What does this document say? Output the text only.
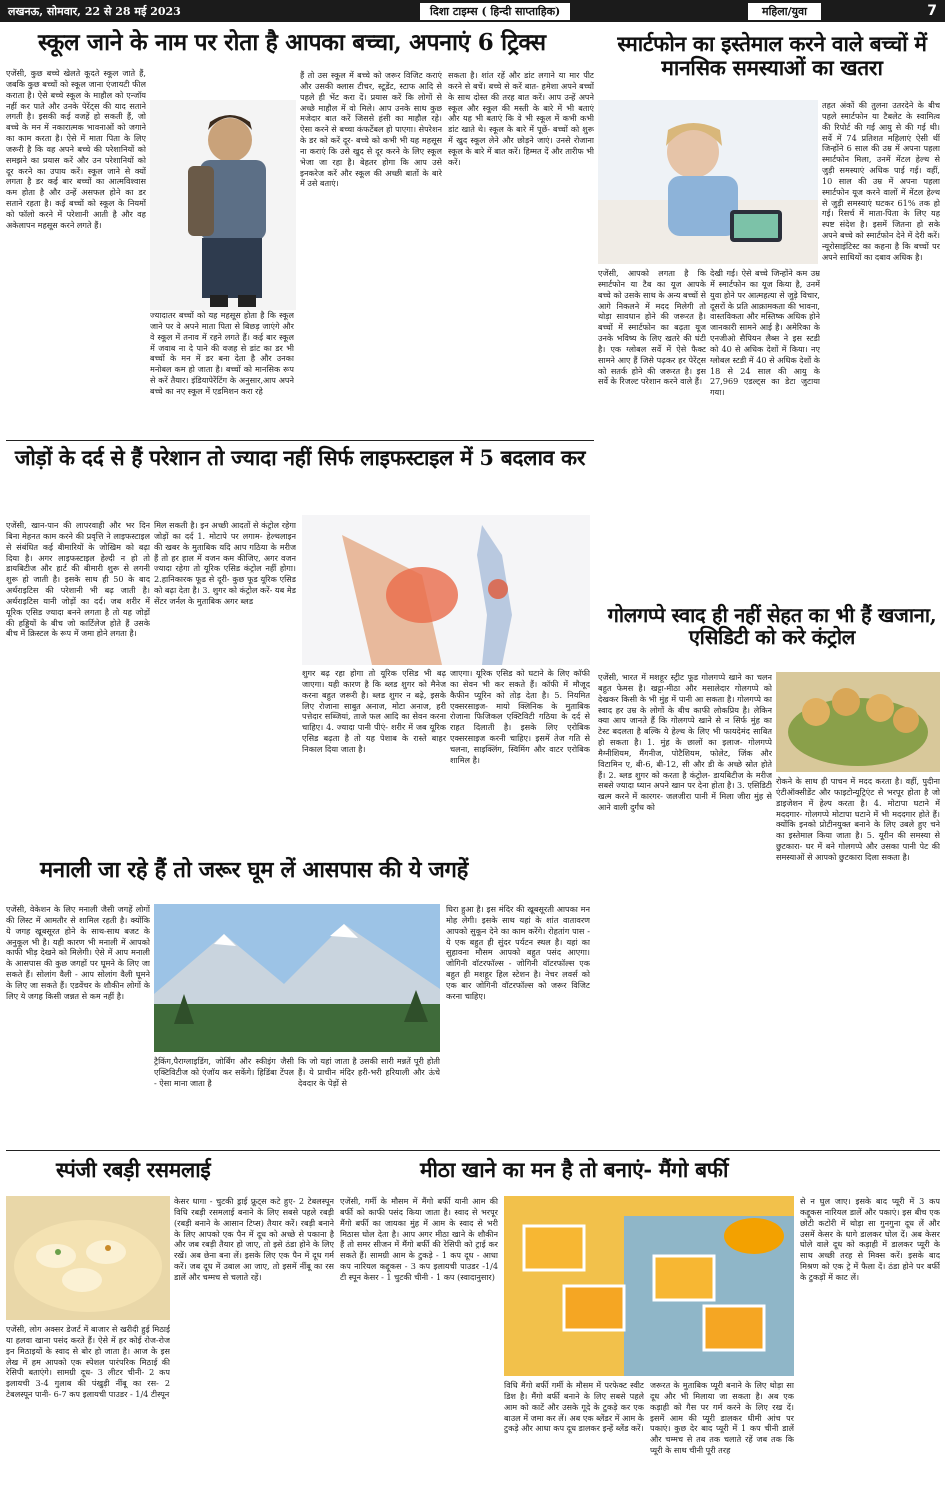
लखनऊ, सोमवार, 22 से 28 मई 2023	दिशा टाइम्स ( हिन्दी साप्ताहिक)	महिला/युवा	7
स्कूल जाने के नाम पर रोता है आपका बच्चा, अपनाएं 6 ट्रिक्स
एजेंसी, कुछ बच्चे खेलते कूदते स्कूल जाते हैं, जबकि कुछ बच्चों को स्कूल जाना एंजायटी फील कराता है। ऐसे बच्चे स्कूल के माहौल को एन्जॉय नहीं कर पाते और उनके पेरेंट्स की याद सताने लगती है। इसकी कई वजहें हो सकती हैं, जो बच्चे के मन में नकारात्मक भावनाओं को जगाने का काम करता है। ऐसे में माता पिता के लिए जरूरी है कि वह अपने बच्चे की परेशानियों को समझने का प्रयास करें और उन परेशानियों को दूर करने का उपाय करें। स्कूल जाने से क्यों लगता है डर कई बार बच्चों का आत्मविश्वास कम होता है और उन्हें असफल होने का डर सताने रहता है। कई बच्चों को स्कूल के नियमों को फॉलो करने में परेशानी आती है और वह अकेलापन महसूस करने लगते हैं।
ज्यादातर बच्चों को यह महसूस होता है कि स्कूल जाने पर वे अपने माता पिता से बिछड़ जाएंगे और वे स्कूल में तनाव में रहने लगते हैं। कई बार स्कूल में जवाब ना दे पाने की वजह से डांट का डर भी बच्चों के मन में डर बना देता है और उनका मनोबल कम हो जाता है। बच्चों को मानसिक रूप से करें तैयार। इंडियापेरेंटिंग के अनुसार,आप अपने बच्चे का नए स्कूल में एडमिशन करा रहे
हैं तो उस स्कूल में बच्चे को जरूर विजिट कराएं और उसकी क्लास टीचर, स्टूडेंट, स्टाफ आदि से पहले ही भेंट करा दें। प्रयास करें कि लोगों से अच्छे माहौल में वो मिले। आप उनके साथ कुछ मजेदार बात करें जिससे हंसी का माहौल रहे। ऐसा करने से बच्चा कंफर्टेबल हो पाएगा। सेपरेशन के डर को करें दूर- बच्चे को कभी भी यह महसूस ना कराएं कि उसे खुद से दूर करने के लिए स्कूल भेजा जा रहा है। बेहतर होगा कि आप उसे इनकरेज करें और स्कूल की अच्छी बातों के बारे में उसे बताएं।
सकता है। शांत रहें और डांट लगाने या मार पीट करने से बचें। बच्चे से करें बात- हमेशा अपने बच्चों के साथ दोस्त की तरह बात करें। आप उन्हें अपने स्कूल और स्कूल की मस्ती के बारे में भी बताएं और यह भी बताएं कि वे भी स्कूल में कभी कभी डांट खाते थे। स्कूल के बारे में पूछें- बच्चों को शुरू में खुद स्कूल लेने और छोड़ने जाएं। उनसे रोजाना स्कूल के बारे में बात करें। हिम्मत दें और तारीफ भी करें।
स्मार्टफोन का इस्तेमाल करने वाले बच्चों में मानसिक समस्याओं का खतरा
तहत अंकों की तुलना उतरदेने के बीच पहले स्मार्टफोन या टैबलेट के स्वामित्व की रिपोर्ट की गई आयु से की गई थी। सर्वे में 74 प्रतिशत महिलाएं ऐसी थीं जिन्होंने 6 साल की उम्र में अपना पहला स्मार्टफोन मिला, उनमें मेंटल हेल्थ से जुड़ी समस्याएं अधिक पाई गई। वहीं, 10 साल की उम्र में अपना पहला स्मार्टफोन यूज करने वालों में मेंटल हेल्थ से जुड़ी समस्याएं घटकर 61% तक हो गई। रिसर्च में माता-पिता के लिए यह स्पष्ट संदेश है। इसमें जितना हो सके अपने बच्चे को स्मार्टफोन देने में देरी करें। न्यूरोसाइंटिस्ट का कहना है कि बच्चों पर अपने साथियों का दबाव अधिक है।
एजेंसी, आपको लगता है कि स्मार्टफोन या टैब का यूज आपके बच्चे को उसके साथ के अन्य बच्चों से आगे निकलने में मदद मिलेगी तो थोड़ा सावधान होने की जरूरत है। बच्चों में स्मार्टफोन का बढ़ता यूज उनके भविष्य के लिए खतरे की घंटी है। एक ग्लोबल सर्वे में ऐसे फैक्ट सामने आए हैं जिसे पढ़कर हर पेरेंट्स को सतर्क होने की जरूरत है। इस सर्वे के रिजल्ट परेशान करने वाले हैं।
देखी गई। ऐसे बच्चे जिन्होंने कम उम्र में स्मार्टफोन का यूज किया है, उनमें युवा होने पर आत्महत्या से जुड़े विचार, दूसरों के प्रति आक्रामकता की भावना, वास्तविकता और मस्तिष्क अधिक होने जानकारी सामने आई है। अमेरिका के एनजीओ सैपियन लैब्स ने इस स्टडी को 40 से अधिक देशों में किया। नए ग्लोबल स्टडी में 40 से अधिक देशों के 18 से 24 साल की आयु के 27,969 एडल्ट्स का डेटा जुटाया गया।
जोड़ों के दर्द से हैं परेशान तो ज्यादा नहीं सिर्फ लाइफस्टाइल में 5 बदलाव कर
एजेंसी, खान-पान की लापरवाही और भर दिन बिना मेहनत काम करने की प्रवृत्ति ने लाइफस्टाइल से संबंधित कई बीमारियों के जोखिम को बढ़ा दिया है। अगर लाइफस्टाइल हेल्दी न हो तो डायबिटीज और हार्ट की बीमारी शुरू से लगनी शुरू हो जाती है। इसके साथ ही 50 के बाद अर्थराइटिस की परेशानी भी बढ़ जाती है। अर्थराइटिस यानी जोड़ों का दर्द। जब शरीर में यूरिक एसिड ज्यादा बनने लगता है तो यह जोड़ों की हड्डियों के बीच जो कार्टिलेज होते हैं उसके बीच में क्रिस्टल के रूप में जमा होने लगता है।
मिल सकती है। इन अच्छी आदतों से कंट्रोल रहेगा जोड़ों का दर्द 1. मोटापे पर लगाम- हेल्थलाइन की खबर के मुताबिक यदि आप गठिया के मरीज हैं तो हर हाल में वजन कम कीजिए, अगर वजन ज्यादा रहेगा तो यूरिक एसिड कंट्रोल नहीं होगा। 2.हानिकारक फूड से दूरी- कुछ फूड यूरिक एसिड को बढ़ा देता है। 3. शुगर को कंट्रोल करें- यब मेड सेंटर जर्नल के मुताबिक अगर ब्लड
शुगर बढ़ रहा होगा तो यूरिक एसिड भी बढ़ जाएगा। यही कारण है कि ब्लड शुगर को मैनेज करना बहुत जरूरी है। ब्लड शुगर न बढ़े, इसके लिए रोजाना साबुत अनाज, मोटा अनाज, हरी पत्तेदार सब्जियां, ताजे फल आदि का सेवन करना चाहिए। 4. ज्यादा पानी पीएं- शरीर में जब यूरिक एसिड बढ़ता है तो यह पेशाब के रास्ते बाहर निकाल दिया जाता है।
जाएगा। यूरिक एसिड को घटाने के लिए कॉफी का सेवन भी कर सकते हैं। कॉफी में मौजूद कैफीन प्यूरिन को तोड़ देता है। 5. नियमित एक्सरसाइज- मायो क्लिनिक के मुताबिक रोजाना फिजिकल एक्टिविटी गठिया के दर्द से राहत दिलाती है। इसके लिए एरोबिक एक्सरसाइज करनी चाहिए। इसमें तेज गति से चलना, साइक्लिंग, स्विमिंग और वाटर एरोबिक शामिल है।
गोलगप्पे स्वाद ही नहीं सेहत का भी हैं खजाना, एसिडिटी को करे कंट्रोल
एजेंसी, भारत में मशहूर स्ट्रीट फूड गोलगप्पे खाने का चलन बहुत फेमस है। खट्टा-मीठा और मसालेदार गोलगप्पे को देखकर किसी के भी मुंह में पानी आ सकता है। गोलगप्पे का स्वाद हर उम्र के लोगों के बीच काफी लोकप्रिय है। लेकिन क्या आप जानते हैं कि गोलगप्पे खाने से न सिर्फ मुंह का टेस्ट बदलता है बल्कि ये हेल्थ के लिए भी फायदेमंद साबित हो सकता है। 1. मुंह के छालों का इलाज- गोलगप्पे मैग्नीशियम, मैंगनीज, पोटैशियम, फोलेट, जिंक और विटामिन ए, बी-6, बी-12, सी और डी के अच्छे स्रोत होते हैं। 2. ब्लड शुगर को करता है कंट्रोल- डायबिटीज के मरीज सबसे ज्यादा ध्यान अपने खान पर देना होता है। 3. एसिडिटी खत्म करने में कारगर- जलजीरा पानी में मिला जीरा मुंह से आने वाली दुर्गंध को
रोकने के साथ ही पाचन में मदद करता है। वहीं, पुदीना एंटीऑक्सीडेंट और फाइटोन्यूट्रिएंट से भरपूर होता है जो डाइजेशन में हेल्प करता है। 4. मोटापा घटाने में मददगार- गोलगप्पे मोटापा घटाने में भी मददगार होते हैं। क्योंकि इनको प्रोटीनयुक्त बनाने के लिए उबले हुए चने का इस्तेमाल किया जाता है। 5. यूरीन की समस्या से छुटकारा- घर में बने गोलगप्पे और उसका पानी पेट की समस्याओं से आपको छुटकारा दिला सकता है।
मनाली जा रहे हैं तो जरूर घूम लें आसपास की ये जगहें
एजेंसी, वेकेशन के लिए मनाली जैसी जगहें लोगों की लिस्ट में आमतौर से शामिल रहती है। क्योंकि ये जगह खूबसूरत होने के साथ-साथ बजट के अनुकूल भी है। यही कारण भी मनाली में आपको काफी भीड़ देखने को मिलेगी। ऐसे में आप मनाली के आसपास की कुछ जगहों पर घूमने के लिए जा सकते हैं। सोलांग वैली - आप सोलांग वैली घूमने के लिए जा सकते हैं। एडवेंचर के शौकीन लोगों के लिए ये जगह किसी जन्नत से कम नहीं है।
ट्रैकिंग,पैराग्लाइडिंग, जोर्बिंग और स्कीइंग जैसी एक्टिविटीज को एंजॉय कर सकेंगे। हिडिंबा टेंपल - ऐसा माना जाता है
कि जो यहां जाता है उसकी सारी मन्नतें पूरी होती हैं। ये प्राचीन मंदिर हरी-भरी हरियाली और ऊंचे देवदार के पेड़ों से
घिरा हुआ है। इस मंदिर की खूबसूरती आपका मन मोह लेगी। इसके साथ यहां के शांत वातावरण आपको सुकून देने का काम करेंगे। रोहतांग पास - ये एक बहुत ही सुंदर पर्यटन स्थल है। यहां का सुहावना मौसम आपको बहुत पसंद आएगा। जोगिनी वॉटरफॉल्स - जोगिनी वॉटरफॉल्स एक बहुत ही मशहूर हिल स्टेशन है। नेचर लवर्स को एक बार जोगिनी वॉटरफॉल्स को जरूर विजिट करना चाहिए।
स्पंजी रबड़ी रसमलाई
एजेंसी, लोग अक्सर डेजर्ट में बाजार से खरीदी हुई मिठाई या हलवा खाना पसंद करते हैं। ऐसे में हर कोई रोज-रोज इन मिठाइयों के स्वाद से बोर हो जाता है। आज के इस लेख में हम आपको एक स्पेशल पारंपरिक मिठाई की रेसिपी बताएंगे। सामग्री दूध- 3 लीटर चीनी- 2 कप इलायची 3-4 गुलाब की पंखुड़ी नींबू का रस- 2 टेबलस्पून पानी- 6-7 कप इलायची पाउडर - 1/4 टीस्पून
केसर धागा - चुटकी ड्राई फ्रूट्स कटे हुए- 2 टेबलस्पून विधि रबड़ी रसमलाई बनाने के लिए सबसे पहले रबड़ी (रबड़ी बनाने के आसान टिप्स) तैयार करें। रबड़ी बनाने के लिए आपको एक पैन में दूध को अच्छे से पकाना है और जब रबड़ी तैयार हो जाए, तो इसे ठंडा होने के लिए रखें। अब छेना बना लें। इसके लिए एक पैन में दूध गर्म करें। जब दूध में उबाल आ जाए, तो इसमें नींबू का रस डालें और चम्मच से चलाते रहें।
मीठा खाने का मन है तो बनाएं- मैंगो बर्फी
एजेंसी, गर्मी के मौसम में मैंगो बर्फी यानी आम की बर्फी को काफी पसंद किया जाता है। स्वाद से भरपूर मैंगो बर्फी का जायका मुंह में आम के स्वाद से भरी मिठास घोल देता है। आप अगर मीठा खाने के शौकीन हैं तो समर सीजन में मैंगो बर्फी की रेसिपी को ट्राई कर सकते हैं। सामग्री आम के टुकड़े - 1 कप दूध - आधा कप नारियल कद्दूकस - 3 कप इलायची पाउडर -1/4 टी स्पून केसर - 1 चुटकी चीनी - 1 कप (स्वादानुसार)
विधि मैंगो बर्फी गर्मी के मौसम में परफेक्ट स्वीट डिश है। मैंगो बर्फी बनाने के लिए सबसे पहले आम को काटें और उसके गूदे के टुकड़े कर एक बाउल में जमा कर लें। अब एक ब्लेंडर में आम के टुकड़े और आधा कप दूध डालकर इन्हें ब्लेंड करें।
जरूरत के मुताबिक प्यूरी बनाने के लिए थोड़ा सा दूध और भी मिलाया जा सकता है। अब एक कड़ाही को गैस पर गर्म करने के लिए रख दें। इसमें आम की प्यूरी डालकर धीमी आंच पर पकाएं। कुछ देर बाद प्यूरी में 1 कप चीनी डालें और चम्मच से तब तक चलाते रहें जब तक कि प्यूरी के साथ चीनी पूरी तरह
से न घुल जाए। इसके बाद प्यूरी में 3 कप कद्दूकस नारियल डालें और पकाएं। इस बीच एक छोटी कटोरी में थोड़ा सा गुनगुना दूध लें और उसमें केसर के धागे डालकर घोल दें। अब केसर घोले वाले दूध को कड़ाही में डालकर प्यूरी के साथ अच्छी तरह से मिक्स करें। इसके बाद मिश्रण को एक ट्रे में फैला दें। ठंडा होने पर बर्फी के टुकड़ों में काट लें।
